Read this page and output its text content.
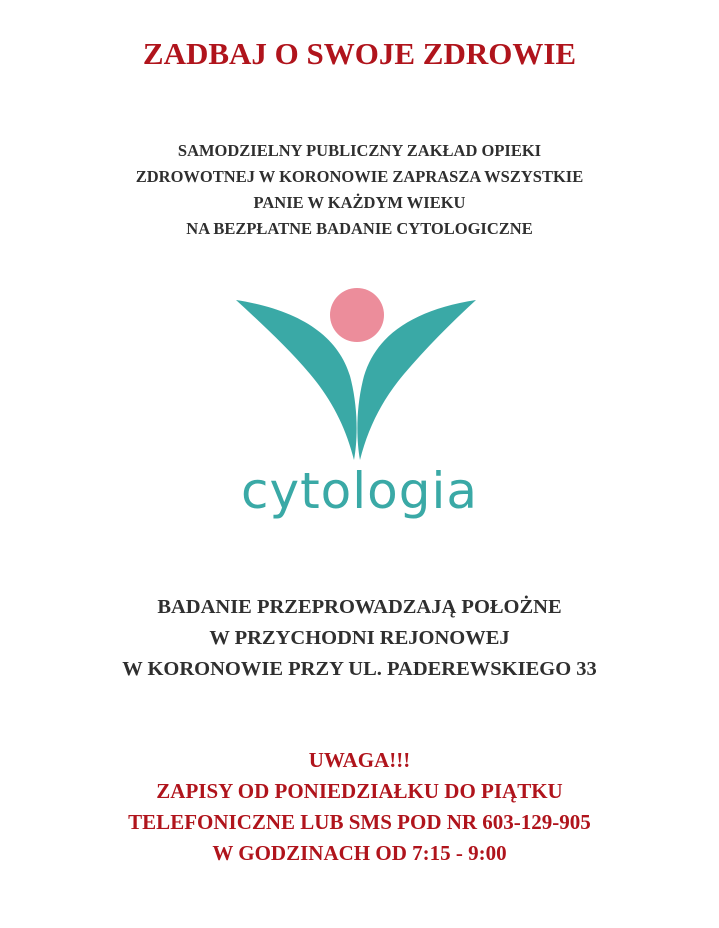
ZADBAJ O SWOJE ZDROWIE
SAMODZIELNY PUBLICZNY ZAKŁAD OPIEKI
ZDROWOTNEJ W KORONOWIE ZAPRASZA WSZYSTKIE
PANIE W KAŻDYM WIEKU
NA BEZPŁATNE BADANIE CYTOLOGICZNE
cytologia
BADANIE PRZEPROWADZAJĄ POŁOŻNE
W PRZYCHODNI REJONOWEJ
W KORONOWIE PRZY UL. PADEREWSKIEGO 33
UWAGA!!!
ZAPISY OD PONIEDZIAŁKU DO PIĄTKU
TELEFONICZNE LUB SMS POD NR 603-129-905
W GODZINACH OD 7:15 - 9:00
